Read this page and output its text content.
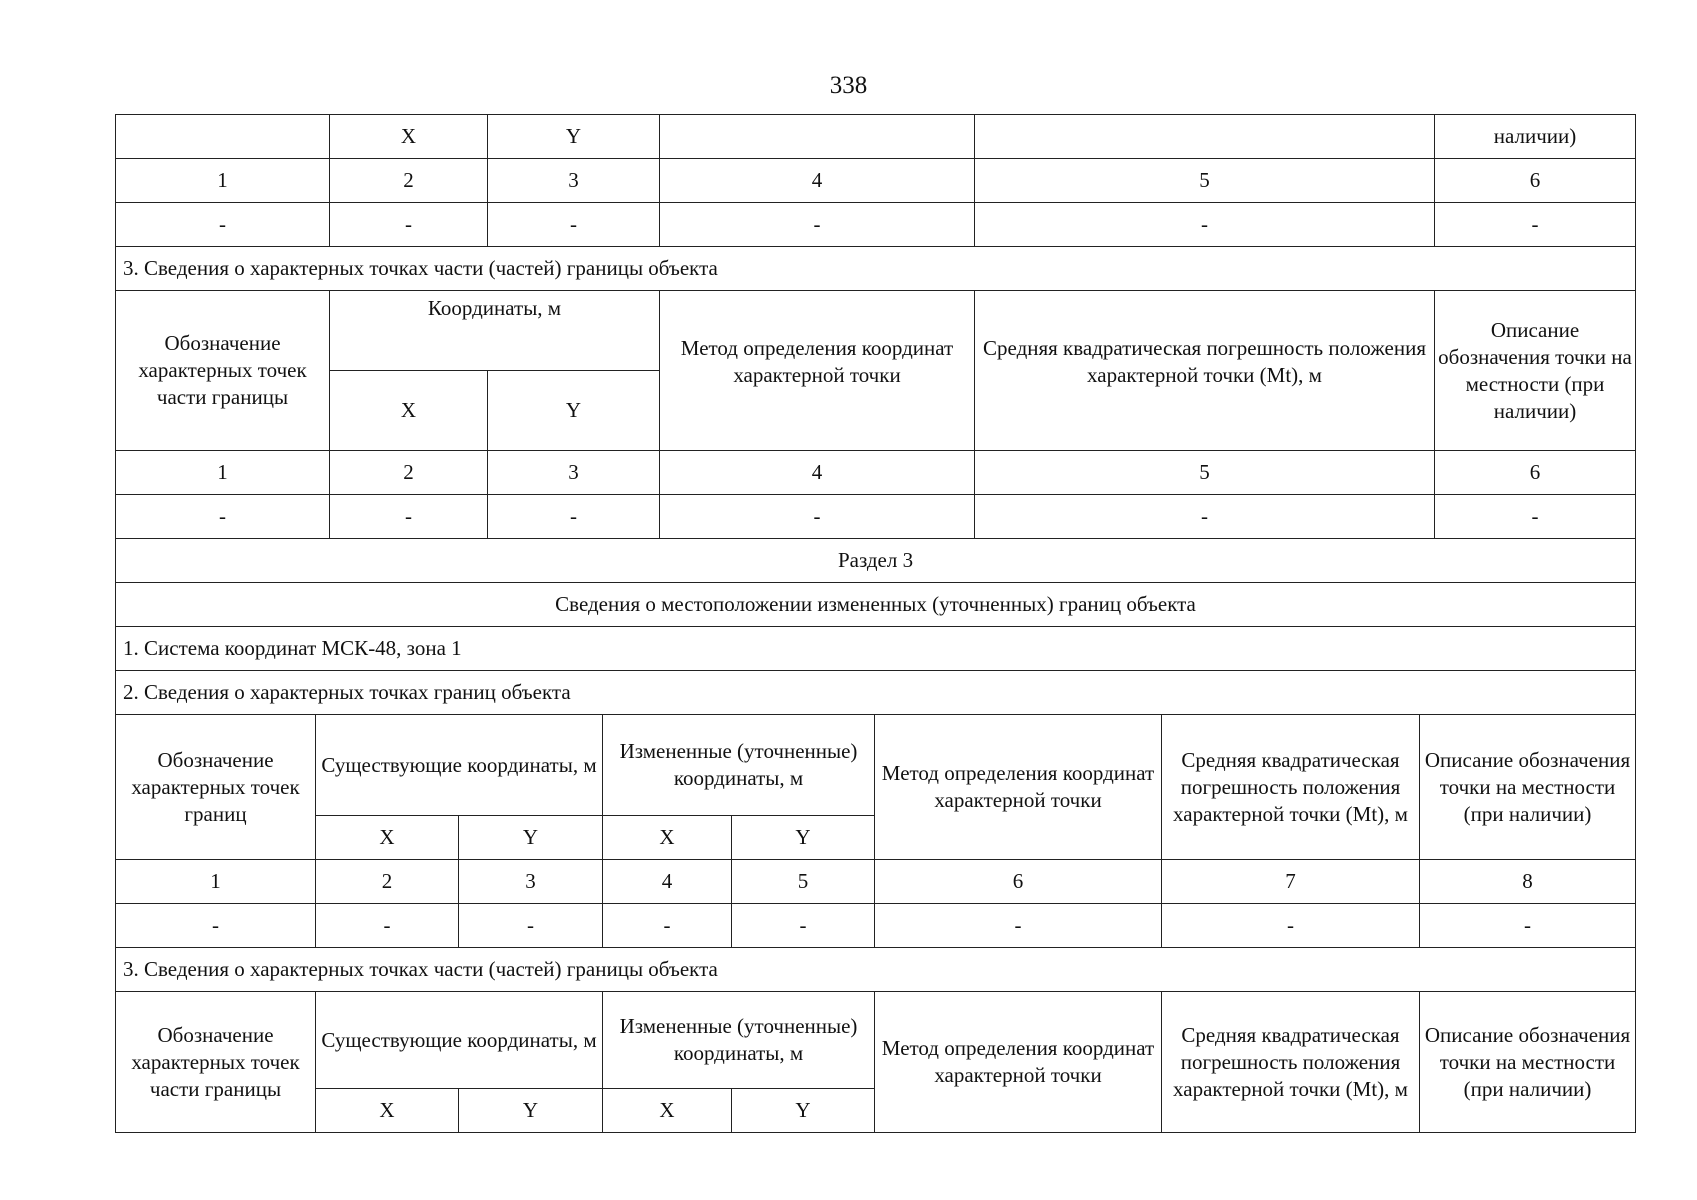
338
	X	Y			наличии)
1	2	3	4	5	6
-	-	-	-	-	-
3. Сведения о характерных точках части (частей) границы объекта					
Обозначение характерных точек части границы	Координаты, м		Метод определения координат характерной точки	Средняя квадратическая погрешность положения характерной точки (Mt), м	Описание обозначения точки на местности (при наличии)
	X	Y			
1	2	3	4	5	6
-	-	-	-	-	-
Раздел 3							
Сведения о местоположении измененных (уточненных) границ объекта							
1. Система координат МСК-48, зона 1							
2. Сведения о характерных точках границ объекта							
Обозначение характерных точек границ	Существующие координаты, м		Измененные (уточненные) координаты, м		Метод определения координат характерной точки	Средняя квадратическая погрешность положения характерной точки (Mt), м	Описание обозначения точки на местности (при наличии)
	X	Y	X	Y			
1	2	3	4	5	6	7	8
-	-	-	-	-	-	-	-
3. Сведения о характерных точках части (частей) границы объекта							
Обозначение характерных точек части границы	Существующие координаты, м		Измененные (уточненные) координаты, м		Метод определения координат характерной точки	Средняя квадратическая погрешность положения характерной точки (Mt), м	Описание обозначения точки на местности (при наличии)
	X	Y	X	Y			
